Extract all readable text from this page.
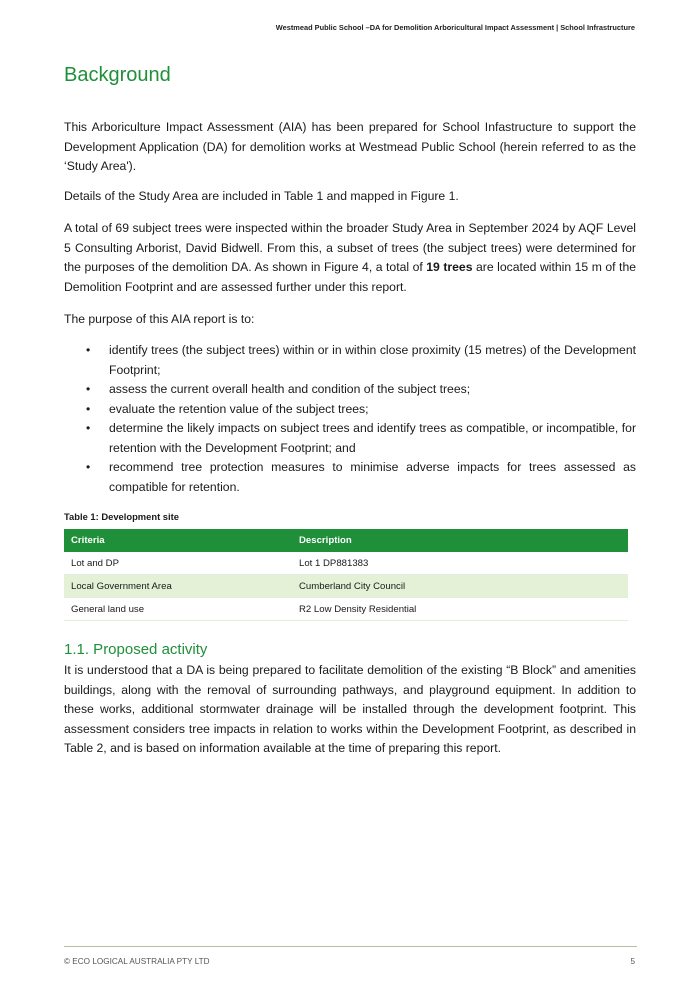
Westmead Public School –DA for Demolition Arboricultural Impact Assessment | School Infrastructure
Background

This Arboriculture Impact Assessment (AIA) has been prepared for School Infastructure to support the Development Application (DA) for demolition works at Westmead Public School (herein referred to as the ‘Study Area').

Details of the Study Area are included in Table 1 and mapped in Figure 1.

A total of 69 subject trees were inspected within the broader Study Area in September 2024 by AQF Level 5 Consulting Arborist, David Bidwell. From this, a subset of trees (the subject trees) were determined for the purposes of the demolition DA. As shown in Figure 4, a total of 19 trees are located within 15 m of the Demolition Footprint and are assessed further under this report.

The purpose of this AIA report is to:

• identify trees (the subject trees) within or in within close proximity (15 metres) of the Development Footprint;
• assess the current overall health and condition of the subject trees;
• evaluate the retention value of the subject trees;
• determine the likely impacts on subject trees and identify trees as compatible, or incompatible, for retention with the Development Footprint; and
• recommend tree protection measures to minimise adverse impacts for trees assessed as compatible for retention.
Table 1: Development site
Criteria	Description
Lot and DP	Lot 1 DP881383
Local Government Area	Cumberland City Council
General land use	R2 Low Density Residential
1.1. Proposed activity

It is understood that a DA is being prepared to facilitate demolition of the existing “B Block” and amenities buildings, along with the removal of surrounding pathways, and playground equipment. In addition to these works, additional stormwater drainage will be installed through the development footprint. This assessment considers tree impacts in relation to works within the Development Footprint, as described in Table 2, and is based on information available at the time of preparing this report.

© ECO LOGICAL AUSTRALIA PTY LTD	5
